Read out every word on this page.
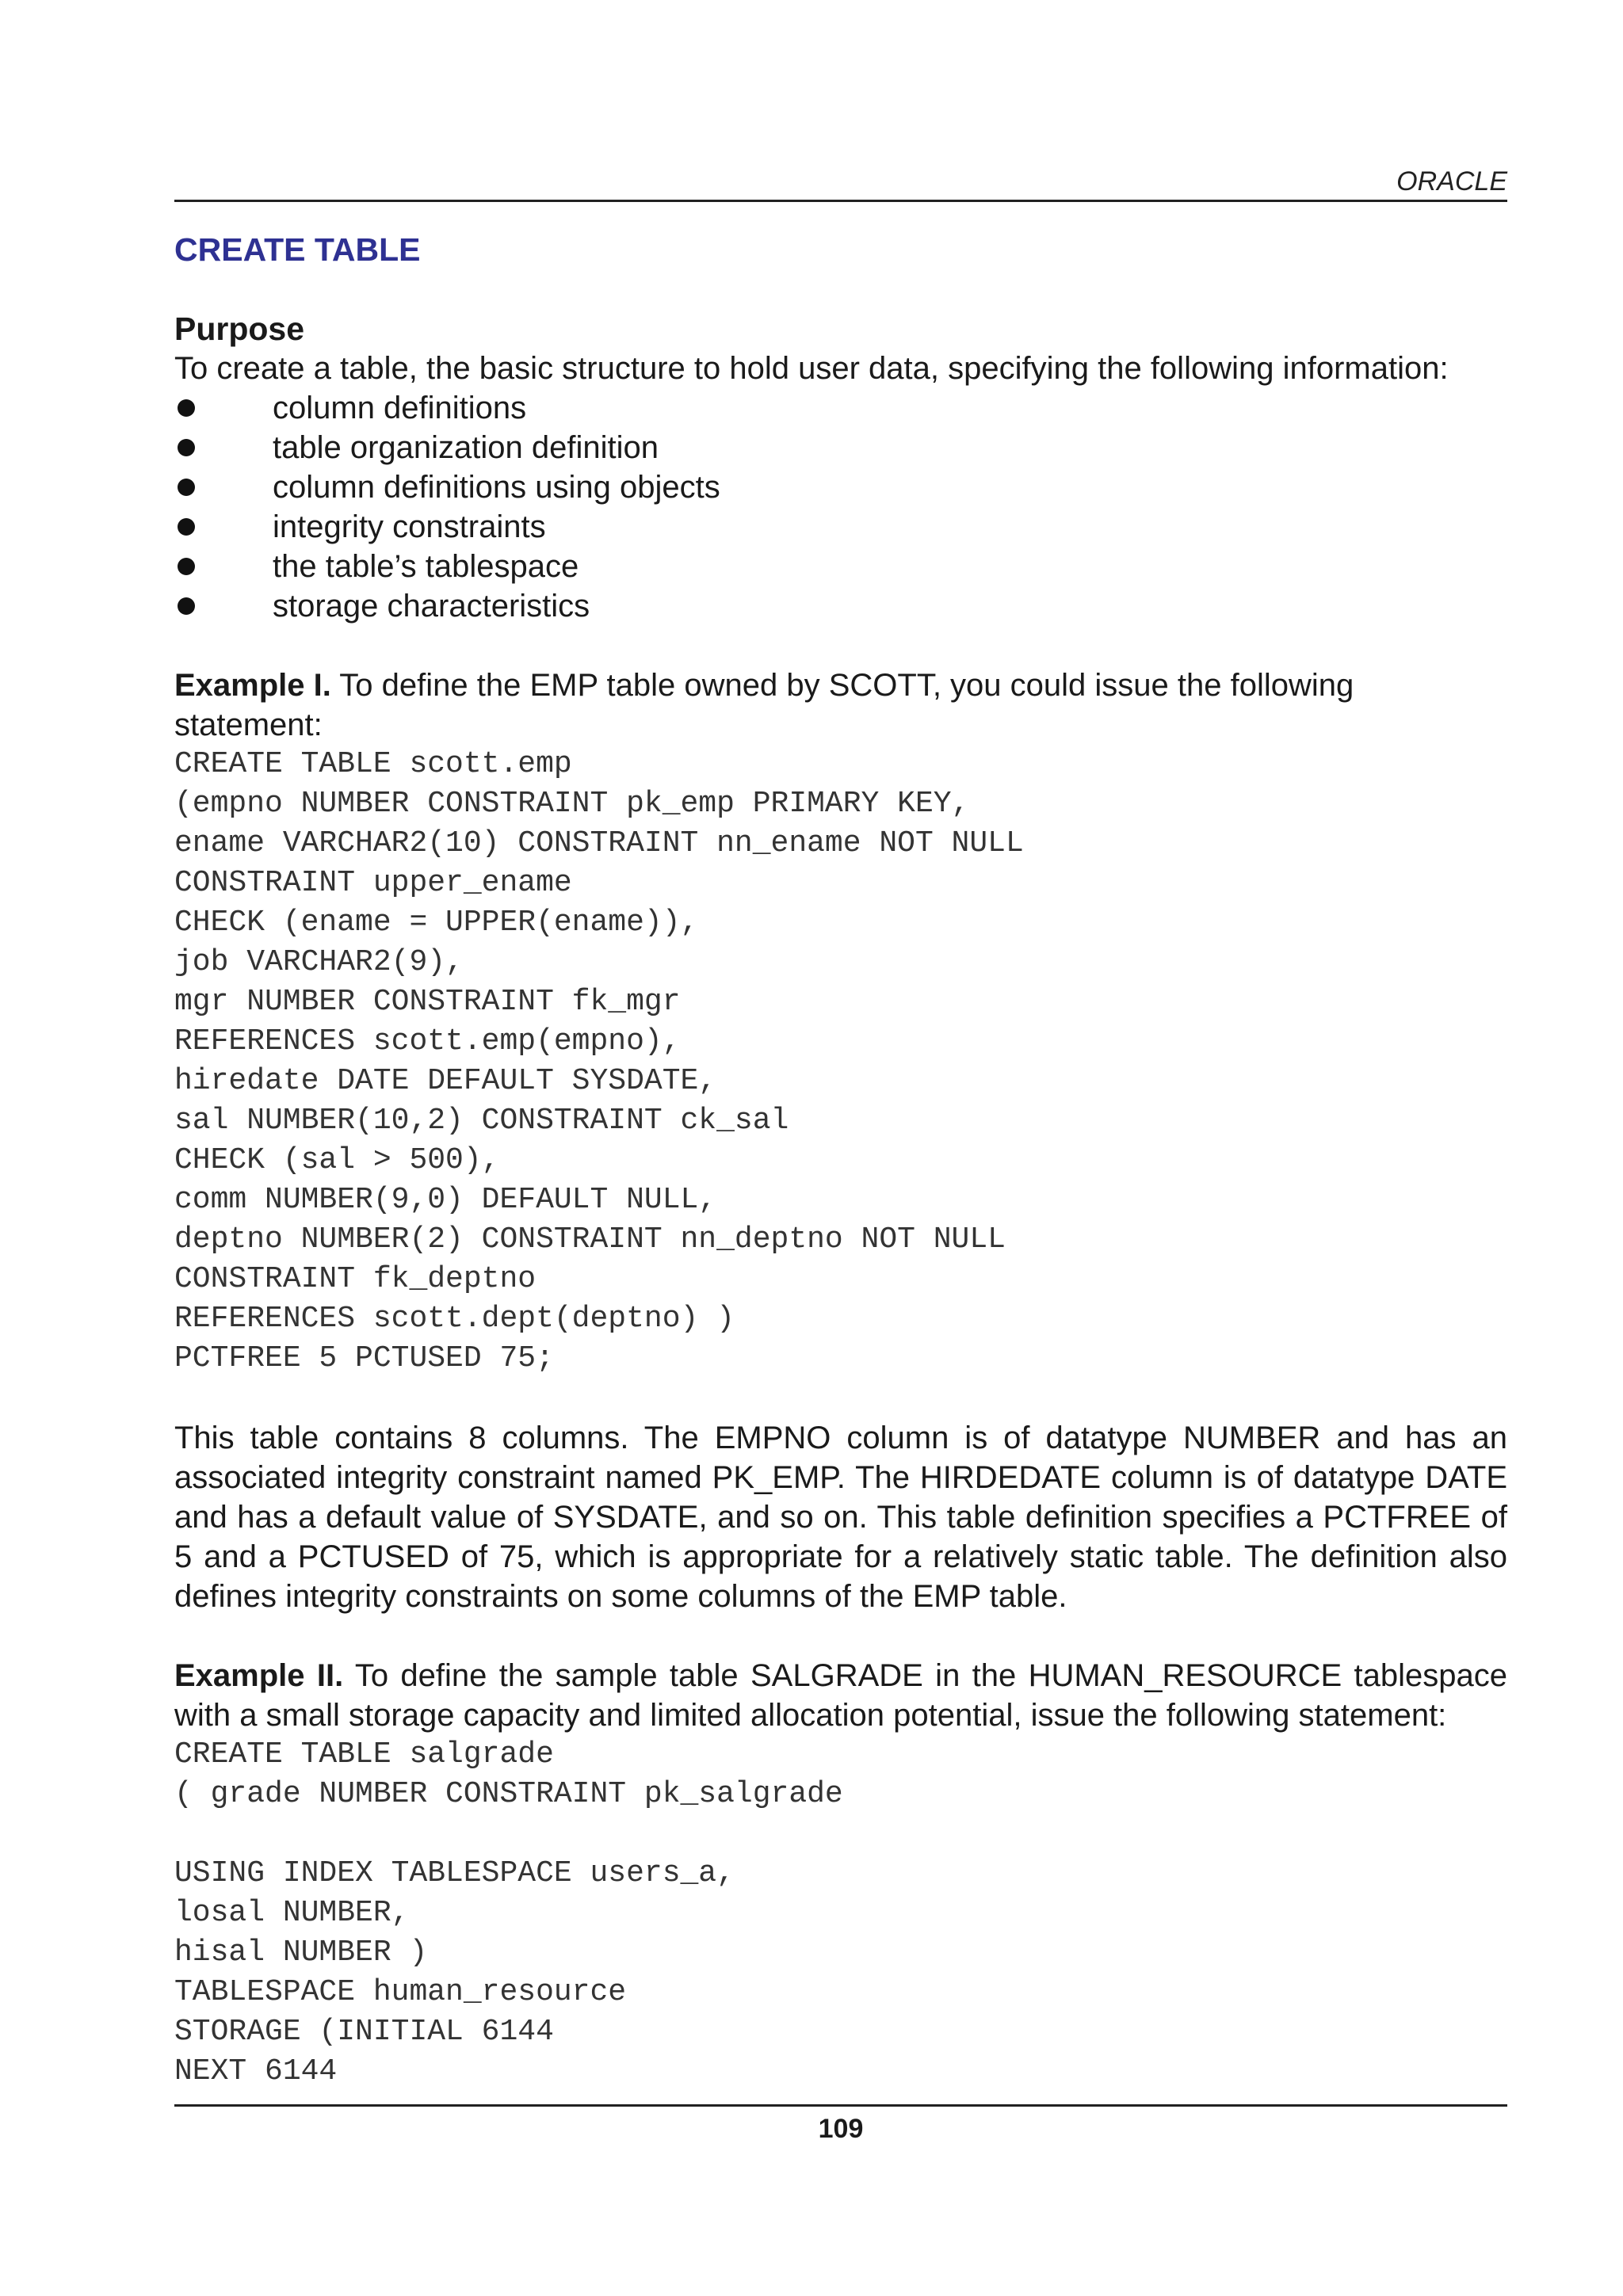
ORACLE
CREATE TABLE
Purpose

To create a table, the basic structure to hold user data, specifying the following information:

column definitions
table organization definition
column definitions using objects
integrity constraints
the table’s tablespace
storage characteristics

Example I. To define the EMP table owned by SCOTT, you could issue the following statement:

CREATE TABLE scott.emp
(empno NUMBER CONSTRAINT pk_emp PRIMARY KEY,
ename VARCHAR2(10) CONSTRAINT nn_ename NOT NULL
CONSTRAINT upper_ename
CHECK (ename = UPPER(ename)),
job VARCHAR2(9),
mgr NUMBER CONSTRAINT fk_mgr
REFERENCES scott.emp(empno),
hiredate DATE DEFAULT SYSDATE,
sal NUMBER(10,2) CONSTRAINT ck_sal
CHECK (sal > 500),
comm NUMBER(9,0) DEFAULT NULL,
deptno NUMBER(2) CONSTRAINT nn_deptno NOT NULL
CONSTRAINT fk_deptno
REFERENCES scott.dept(deptno) )
PCTFREE 5 PCTUSED 75;

This table contains 8 columns. The EMPNO column is of datatype NUMBER and has an associated integrity constraint named PK_EMP. The HIRDEDATE column is of datatype DATE and has a default value of SYSDATE, and so on. This table definition specifies a PCTFREE of 5 and a PCTUSED of 75, which is appropriate for a relatively static table. The definition also defines integrity constraints on some columns of the EMP table.

Example II. To define the sample table SALGRADE in the HUMAN_RESOURCE tablespace with a small storage capacity and limited allocation potential, issue the following statement:

CREATE TABLE salgrade
( grade NUMBER CONSTRAINT pk_salgrade

USING INDEX TABLESPACE users_a,
losal NUMBER,
hisal NUMBER )
TABLESPACE human_resource
STORAGE (INITIAL 6144
NEXT 6144
109
